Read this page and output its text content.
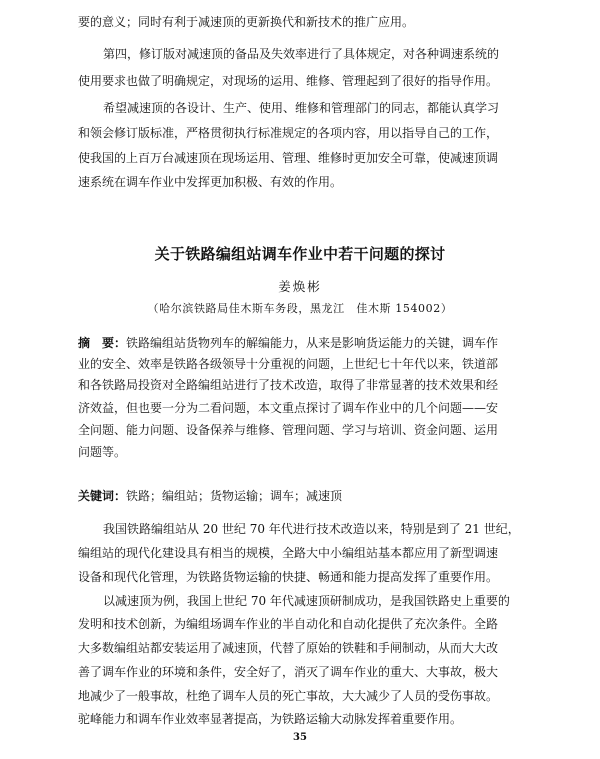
要的意义；同时有利于减速顶的更新换代和新技术的推广应用。
第四，修订版对减速顶的备品及失效率进行了具体规定，对各种调速系统的
使用要求也做了明确规定，对现场的运用、维修、管理起到了很好的指导作用。
希望减速顶的各设计、生产、使用、维修和管理部门的同志，都能认真学习
和领会修订版标准，严格贯彻执行标准规定的各项内容，用以指导自己的工作，
使我国的上百万台减速顶在现场运用、管理、维修时更加安全可靠，使减速顶调
速系统在调车作业中发挥更加积极、有效的作用。
关于铁路编组站调车作业中若干问题的探讨
姜焕彬
（哈尔滨铁路局佳木斯车务段，黑龙江　佳木斯 154002）
摘　要：铁路编组站货物列车的解编能力，从来是影响货运能力的关键，调车作
业的安全、效率是铁路各级领导十分重视的问题，上世纪七十年代以来，铁道部
和各铁路局投资对全路编组站进行了技术改造，取得了非常显著的技术效果和经
济效益，但也要一分为二看问题，本文重点探讨了调车作业中的几个问题——安
全问题、能力问题、设备保养与维修、管理问题、学习与培训、资金问题、运用
问题等。
关键词：铁路；编组站；货物运输；调车；减速顶
我国铁路编组站从 20 世纪 70 年代进行技术改造以来，特别是到了 21 世纪，
编组站的现代化建设具有相当的规模，全路大中小编组站基本都应用了新型调速
设备和现代化管理，为铁路货物运输的快捷、畅通和能力提高发挥了重要作用。
以减速顶为例，我国上世纪 70 年代减速顶研制成功，是我国铁路史上重要的
发明和技术创新，为编组场调车作业的半自动化和自动化提供了充次条件。全路
大多数编组站都安装运用了减速顶，代替了原始的铁鞋和手闸制动，从而大大改
善了调车作业的环境和条件，安全好了，消灭了调车作业的重大、大事故，极大
地减少了一般事故，杜绝了调车人员的死亡事故，大大减少了人员的受伤事故。
驼峰能力和调车作业效率显著提高，为铁路运输大动脉发挥着重要作用。
35
